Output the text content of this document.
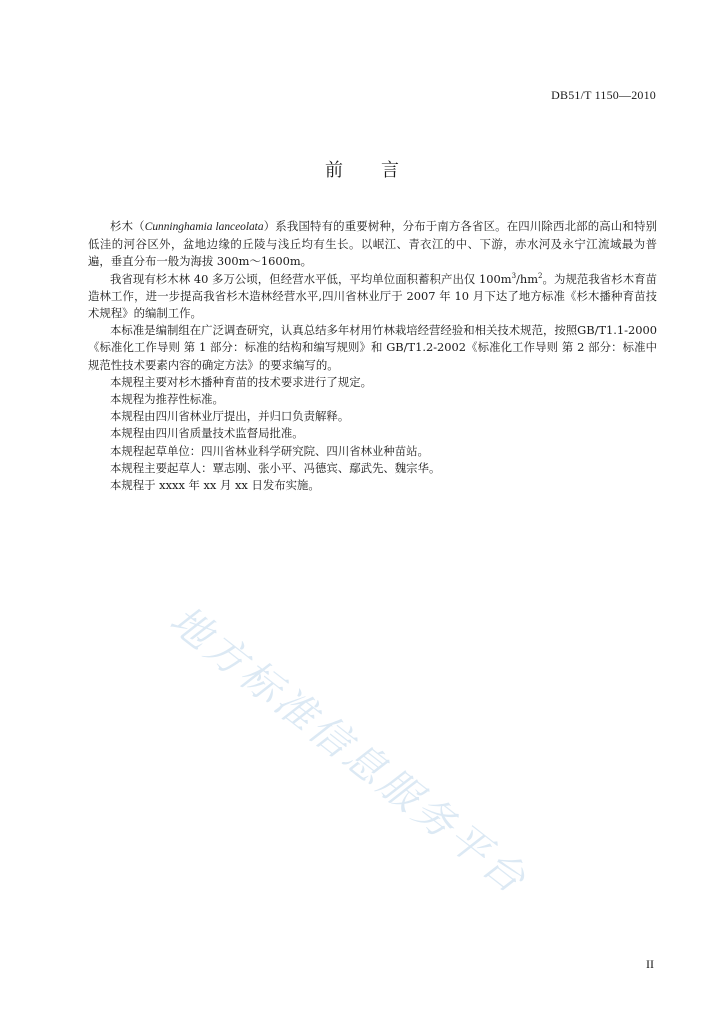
DB51/T 1150—2010
前言

杉木（Cunninghamia lanceolata）系我国特有的重要树种，分布于南方各省区。在四川除西北部的高山和特别低洼的河谷区外，盆地边缘的丘陵与浅丘均有生长。以岷江、青衣江的中、下游，赤水河及永宁江流域最为普遍，垂直分布一般为海拔 300m～1600m。

我省现有杉木林 40 多万公顷，但经营水平低，平均单位面积蓄积产出仅 $100m^3/hm^2$。为规范我省杉木育苗造林工作，进一步提高我省杉木造林经营水平,四川省林业厅于 2007 年 10 月下达了地方标准《杉木播种育苗技术规程》的编制工作。

本标准是编制组在广泛调查研究，认真总结多年材用竹林栽培经营经验和相关技术规范，按照GB/T1.1-2000《标准化工作导则 第 1 部分：标准的结构和编写规则》和 GB/T1.2-2002《标准化工作导则 第 2 部分：标准中规范性技术要素内容的确定方法》的要求编写的。

本规程主要对杉木播种育苗的技术要求进行了规定。

本规程为推荐性标准。

本规程由四川省林业厅提出，并归口负责解释。

本规程由四川省质量技术监督局批准。

本规程起草单位：四川省林业科学研究院、四川省林业种苗站。

本规程主要起草人：覃志刚、张小平、冯德宾、鄢武先、魏宗华。

本规程于 xxxx 年 xx 月 xx 日发布实施。

地方标准信息服务平台
II
